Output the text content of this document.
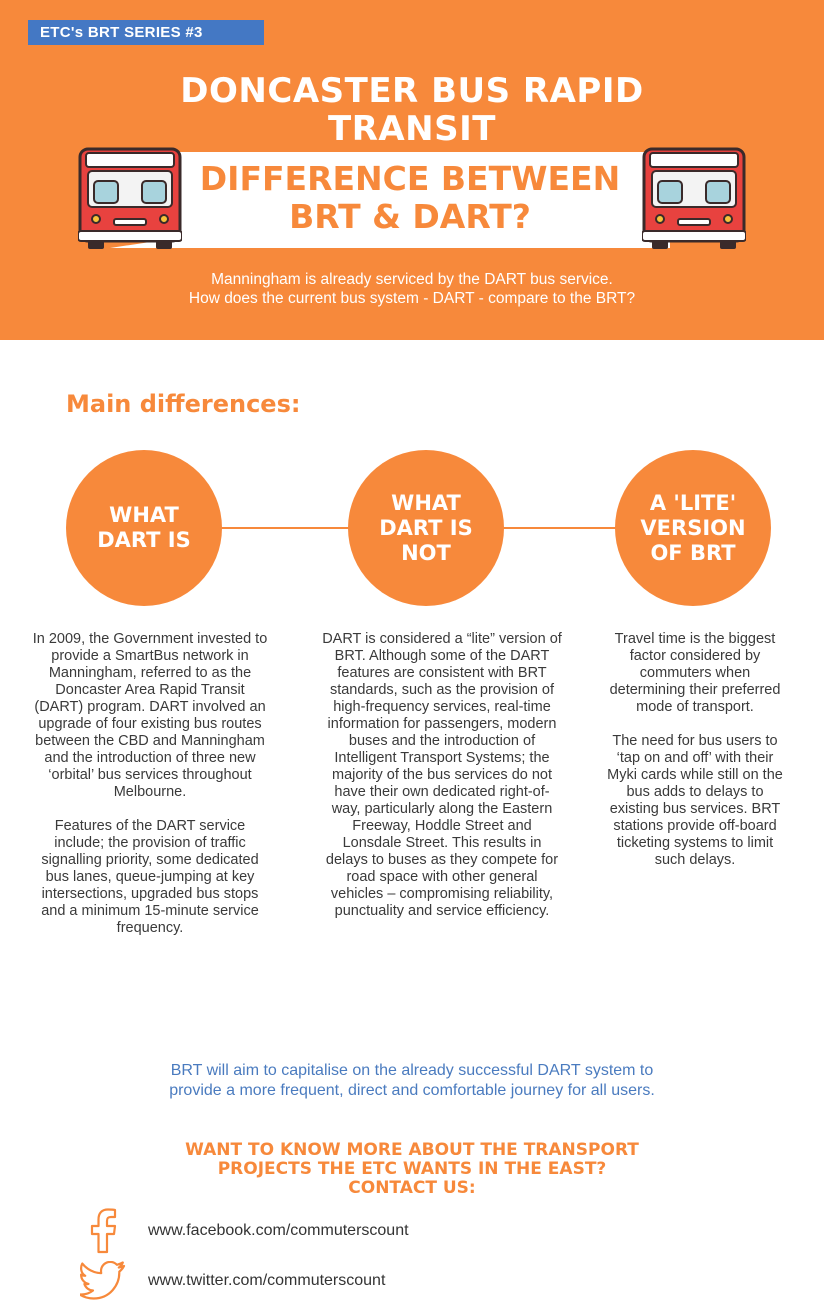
ETC's BRT SERIES #3
DONCASTER BUS RAPID
TRANSIT
DIFFERENCE BETWEEN
BRT & DART?
Manningham is already serviced by the DART bus service.
How does the current bus system - DART - compare to the BRT?
Main differences:
WHAT DART IS
WHAT DART IS NOT
A 'LITE' VERSION OF BRT

In 2009, the Government invested to provide a SmartBus network in Manningham, referred to as the Doncaster Area Rapid Transit (DART) program. DART involved an upgrade of four existing bus routes between the CBD and Manningham and the introduction of three new ‘orbital’ bus services throughout Melbourne.

Features of the DART service include; the provision of traffic signalling priority, some dedicated bus lanes, queue-jumping at key intersections, upgraded bus stops and a minimum 15-minute service frequency.

DART is considered a “lite” version of BRT. Although some of the DART features are consistent with BRT standards, such as the provision of high-frequency services, real-time information for passengers, modern buses and the introduction of Intelligent Transport Systems; the majority of the bus services do not have their own dedicated right-of-way, particularly along the Eastern Freeway, Hoddle Street and Lonsdale Street. This results in delays to buses as they compete for road space with other general vehicles – compromising reliability, punctuality and service efficiency.

Travel time is the biggest factor considered by commuters when determining their preferred mode of transport.

The need for bus users to ‘tap on and off’ with their Myki cards while still on the bus adds to delays to existing bus services. BRT stations provide off-board ticketing systems to limit such delays.

BRT will aim to capitalise on the already successful DART system to
provide a more frequent, direct and comfortable journey for all users.
WANT TO KNOW MORE ABOUT THE TRANSPORT
PROJECTS THE ETC WANTS IN THE EAST?
CONTACT US:
www.facebook.com/commuterscount
www.twitter.com/commuterscount
